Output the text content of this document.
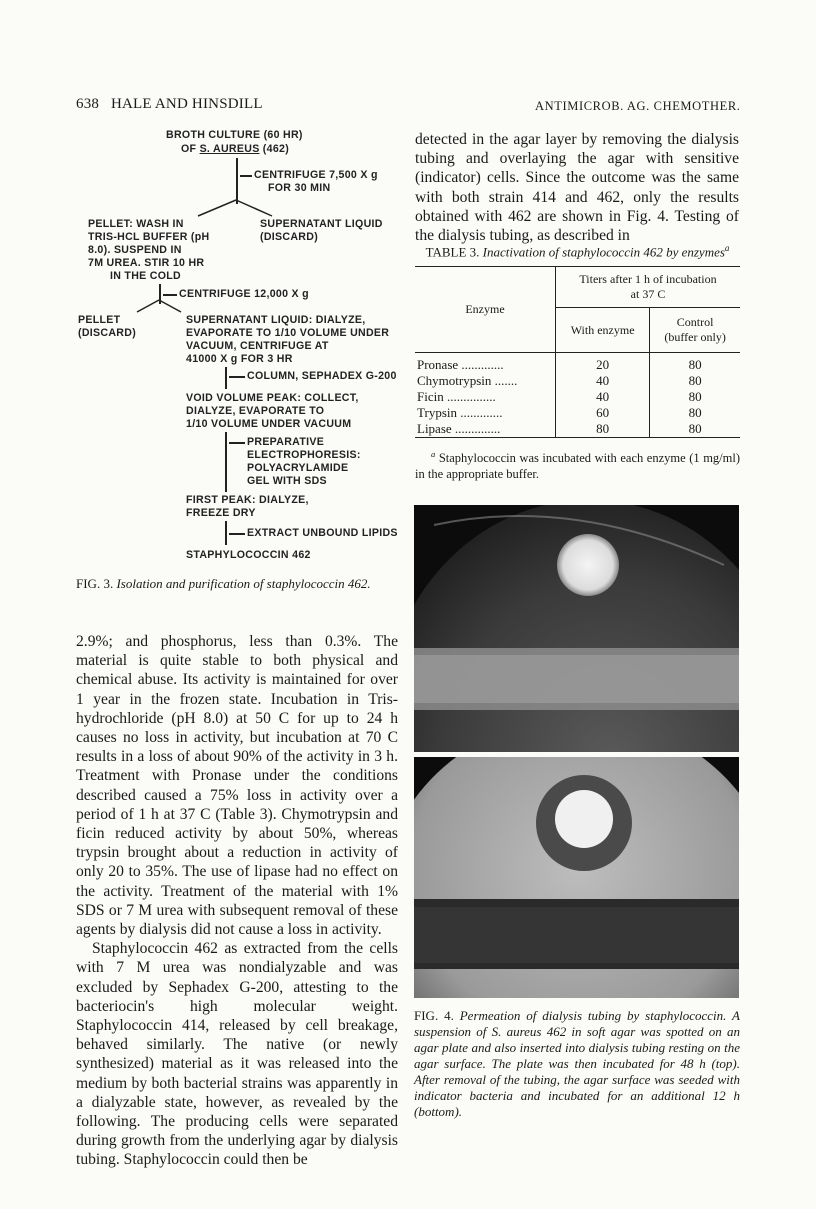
638 HALE AND HINSDILL	ANTIMICROB. AG. CHEMOTHER.
BROTH CULTURE (60 HR)
OF S. AUREUS (462)
CENTRIFUGE 7,500 X g
FOR 30 MIN
PELLET: WASH IN
TRIS-HCL BUFFER (pH
8.0). SUSPEND IN
7M UREA. STIR 10 HR
IN THE COLD
SUPERNATANT LIQUID
(DISCARD)
CENTRIFUGE 12,000 X g
PELLET
(DISCARD)
SUPERNATANT LIQUID: DIALYZE,
EVAPORATE TO 1/10 VOLUME UNDER
VACUUM, CENTRIFUGE AT
41000 X g FOR 3 HR
COLUMN, SEPHADEX G-200
VOID VOLUME PEAK: COLLECT,
DIALYZE, EVAPORATE TO
1/10 VOLUME UNDER VACUUM
PREPARATIVE
ELECTROPHORESIS:
POLYACRYLAMIDE
GEL WITH SDS
FIRST PEAK: DIALYZE,
FREEZE DRY
EXTRACT UNBOUND LIPIDS
STAPHYLOCOCCIN 462
FIG. 3. Isolation and purification of staphylococcin 462.

2.9%; and phosphorus, less than 0.3%. The material is quite stable to both physical and chemical abuse. Its activity is maintained for over 1 year in the frozen state. Incubation in Tris-hydrochloride (pH 8.0) at 50 C for up to 24 h causes no loss in activity, but incubation at 70 C results in a loss of about 90% of the activity in 3 h. Treatment with Pronase under the conditions described caused a 75% loss in activity over a period of 1 h at 37 C (Table 3). Chymotrypsin and ficin reduced activity by about 50%, whereas trypsin brought about a reduction in activity of only 20 to 35%. The use of lipase had no effect on the activity. Treatment of the material with 1% SDS or 7 M urea with subsequent removal of these agents by dialysis did not cause a loss in activity.

Staphylococcin 462 as extracted from the cells with 7 M urea was nondialyzable and was excluded by Sephadex G-200, attesting to the bacteriocin's high molecular weight. Staphylococcin 414, released by cell breakage, behaved similarly. The native (or newly synthesized) material as it was released into the medium by both bacterial strains was apparently in a dialyzable state, however, as revealed by the following. The producing cells were separated during growth from the underlying agar by dialysis tubing. Staphylococcin could then be

detected in the agar layer by removing the dialysis tubing and overlaying the agar with sensitive (indicator) cells. Since the outcome was the same with both strain 414 and 462, only the results obtained with 462 are shown in Fig. 4. Testing of the dialysis tubing, as described in

TABLE 3. Inactivation of staphylococcin 462 by enzymes$^a$
Enzyme	Titers after 1 h of incubation at 37 C	
	With enzyme	Control
(buffer only)
Pronase .............	20	80
Chymotrypsin .......	40	80
Ficin ...............	40	80
Trypsin .............	60	80
Lipase ..............	80	80
$^a$ Staphylococcin was incubated with each enzyme (1 mg/ml) in the appropriate buffer.
FIG. 4. Permeation of dialysis tubing by staphylococcin. A suspension of S. aureus 462 in soft agar was spotted on an agar plate and also inserted into dialysis tubing resting on the agar surface. The plate was then incubated for 48 h (top). After removal of the tubing, the agar surface was seeded with indicator bacteria and incubated for an additional 12 h (bottom).
